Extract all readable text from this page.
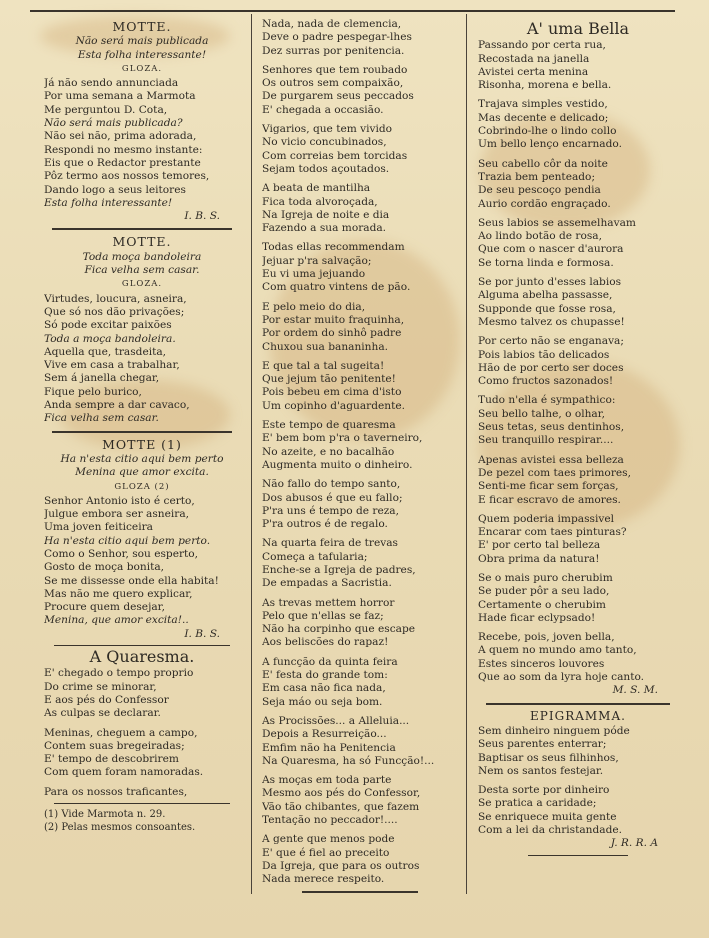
MOTTE.
Não será mais publicada
Esta folha interessante!
GLOZA.
Já não sendo annunciada
Por uma semana a Marmota
Me perguntou D. Cota,
Não será mais publicada?
Não sei não, prima adorada,
Respondi no mesmo instante:
Eis que o Redactor prestante
Pôz termo aos nossos temores,
Dando logo a seus leitores
Esta folha interessante!
I. B. S.
MOTTE.
Toda moça bandoleira
Fica velha sem casar.
GLOZA.
Virtudes, loucura, asneira,
Que só nos dão privações;
Só pode excitar paixões
Toda a moça bandoleira.
Aquella que, trasdeita,
Vive em casa a trabalhar,
Sem á janella chegar,
Fique pelo burico,
Anda sempre a dar cavaco,
Fica velha sem casar.
MOTTE (1)
Ha n'esta citio aqui bem perto
Menina que amor excita.
GLOZA (2)
Senhor Antonio isto é certo,
Julgue embora ser asneira,
Uma joven feiticeira
Ha n'esta citio aqui bem perto.
Como o Senhor, sou esperto,
Gosto de moça bonita,
Se me dissesse onde ella habita!
Mas não me quero explicar,
Procure quem desejar,
Menina, que amor excita!..
I. B. S.
A Quaresma.
E' chegado o tempo proprio
Do crime se minorar,
E aos pés do Confessor
As culpas se declarar.
Meninas, cheguem a campo,
Contem suas bregeiradas;
E' tempo de descobrirem
Com quem foram namoradas.
Para os nossos traficantes,
(1) Vide Marmota n. 29.
(2) Pelas mesmos consoantes.
Nada, nada de clemencia,
Deve o padre pespegar-lhes
Dez surras por penitencia.
Senhores que tem roubado
Os outros sem compaixão,
De purgarem seus peccados
E' chegada a occasião.
Vigarios, que tem vivido
No vicio concubinados,
Com correias bem torcidas
Sejam todos açoutados.
A beata de mantilha
Fica toda alvoroçada,
Na Igreja de noite e dia
Fazendo a sua morada.
Todas ellas recommendam
Jejuar p'ra salvação;
Eu vi uma jejuando
Com quatro vintens de pão.
E pelo meio do dia,
Por estar muito fraquinha,
Por ordem do sinhô padre
Chuxou sua bananinha.
E que tal a tal sugeita!
Que jejum tão penitente!
Pois bebeu em cima d'isto
Um copinho d'aguardente.
Este tempo de quaresma
E' bem bom p'ra o taverneiro,
No azeite, e no bacalhão
Augmenta muito o dinheiro.
Não fallo do tempo santo,
Dos abusos é que eu fallo;
P'ra uns é tempo de reza,
P'ra outros é de regalo.
Na quarta feira de trevas
Começa a tafularia;
Enche-se a Igreja de padres,
De empadas a Sacristia.
As trevas mettem horror
Pelo que n'ellas se faz;
Não ha corpinho que escape
Aos beliscões do rapaz!
A funcção da quinta feira
E' festa do grande tom:
Em casa não fica nada,
Seja máo ou seja bom.
As Procissões... a Alleluia...
Depois a Resurreição...
Emfim não ha Penitencia
Na Quaresma, ha só Funcção!...
As moças em toda parte
Mesmo aos pés do Confessor,
Vão tão chibantes, que fazem
Tentação no peccador!....
A gente que menos pode
E' que é fiel ao preceito
Da Igreja, que para os outros
Nada merece respeito.
A' uma Bella
Passando por certa rua,
Recostada na janella
Avistei certa menina
Risonha, morena e bella.
Trajava simples vestido,
Mas decente e delicado;
Cobrindo-lhe o lindo collo
Um bello lenço encarnado.
Seu cabello côr da noite
Trazia bem penteado;
De seu pescoço pendia
Aurio cordão engraçado.
Seus labios se assemelhavam
Ao lindo botão de rosa,
Que com o nascer d'aurora
Se torna linda e formosa.
Se por junto d'esses labios
Alguma abelha passasse,
Supponde que fosse rosa,
Mesmo talvez os chupasse!
Por certo não se enganava;
Pois labios tão delicados
Hão de por certo ser doces
Como fructos sazonados!
Tudo n'ella é sympathico:
Seu bello talhe, o olhar,
Seus tetas, seus dentinhos,
Seu tranquillo respirar....
Apenas avistei essa belleza
De pezel com taes primores,
Senti-me ficar sem forças,
E ficar escravo de amores.
Quem poderia impassivel
Encarar com taes pinturas?
E' por certo tal belleza
Obra prima da natura!
Se o mais puro cherubim
Se puder pôr a seu lado,
Certamente o cherubim
Hade ficar eclypsado!
Recebe, pois, joven bella,
A quem no mundo amo tanto,
Estes sinceros louvores
Que ao som da lyra hoje canto.
M. S. M.
EPIGRAMMA.
Sem dinheiro ninguem póde
Seus parentes enterrar;
Baptisar os seus filhinhos,
Nem os santos festejar.
Desta sorte por dinheiro
Se pratica a caridade;
Se enriquece muita gente
Com a lei da christandade.
J. R. R. A
